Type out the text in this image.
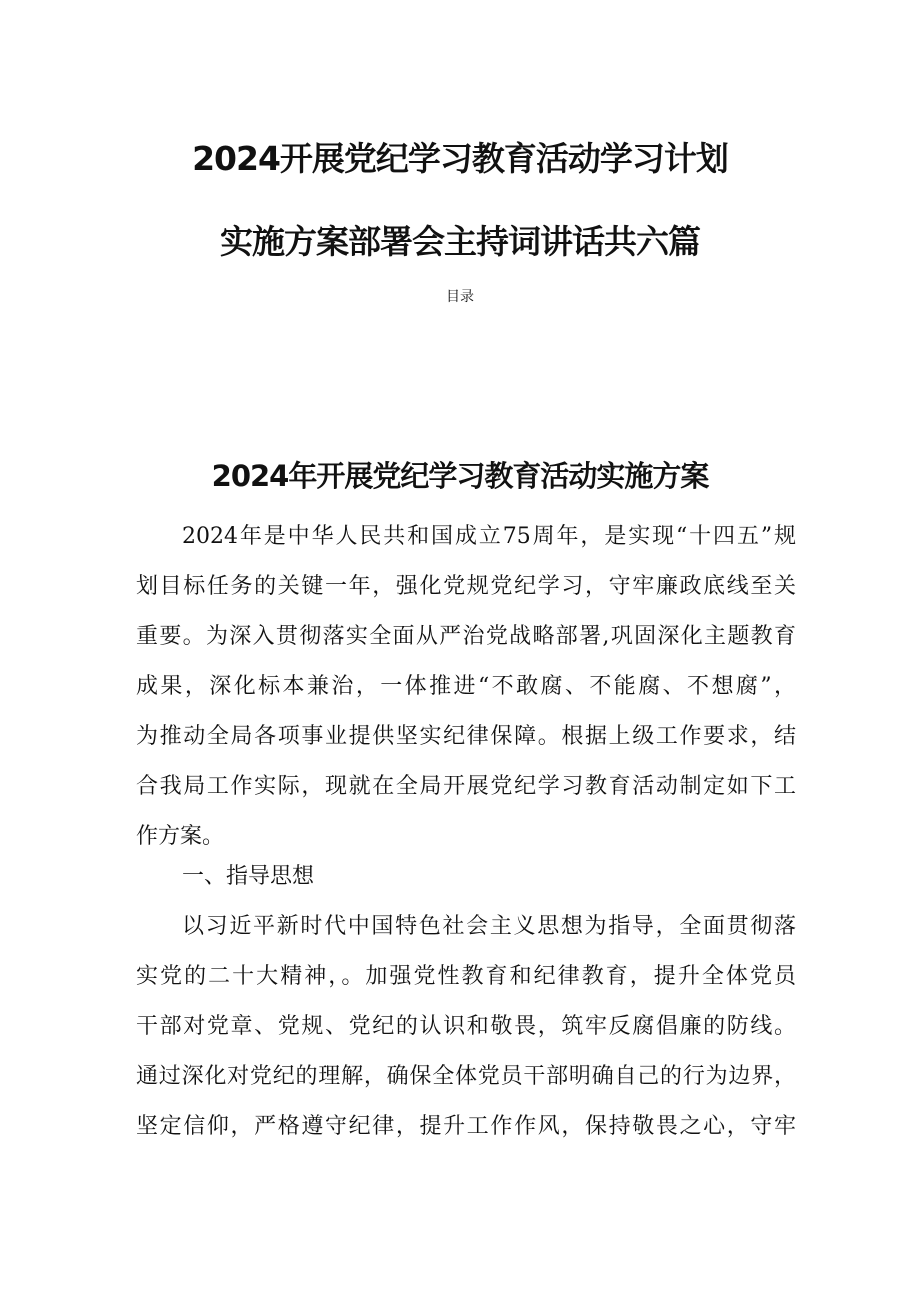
2024开展党纪学习教育活动学习计划
实施方案部署会主持词讲话共六篇
目录
2024年开展党纪学习教育活动实施方案
2024年是中华人民共和国成立75周年，是实现“十四五”规
划目标任务的关键一年，强化党规党纪学习，守牢廉政底线至关
重要。为深入贯彻落实全面从严治党战略部署,巩固深化主题教育
成果，深化标本兼治，一体推进“不敢腐、不能腐、不想腐”，
为推动全局各项事业提供坚实纪律保障。根据上级工作要求，结
合我局工作实际，现就在全局开展党纪学习教育活动制定如下工
作方案。
一、指导思想
以习近平新时代中国特色社会主义思想为指导，全面贯彻落
实党的二十大精神，。加强党性教育和纪律教育，提升全体党员
干部对党章、党规、党纪的认识和敬畏，筑牢反腐倡廉的防线。
通过深化对党纪的理解，确保全体党员干部明确自己的行为边界，
坚定信仰，严格遵守纪律，提升工作作风，保持敬畏之心，守牢
